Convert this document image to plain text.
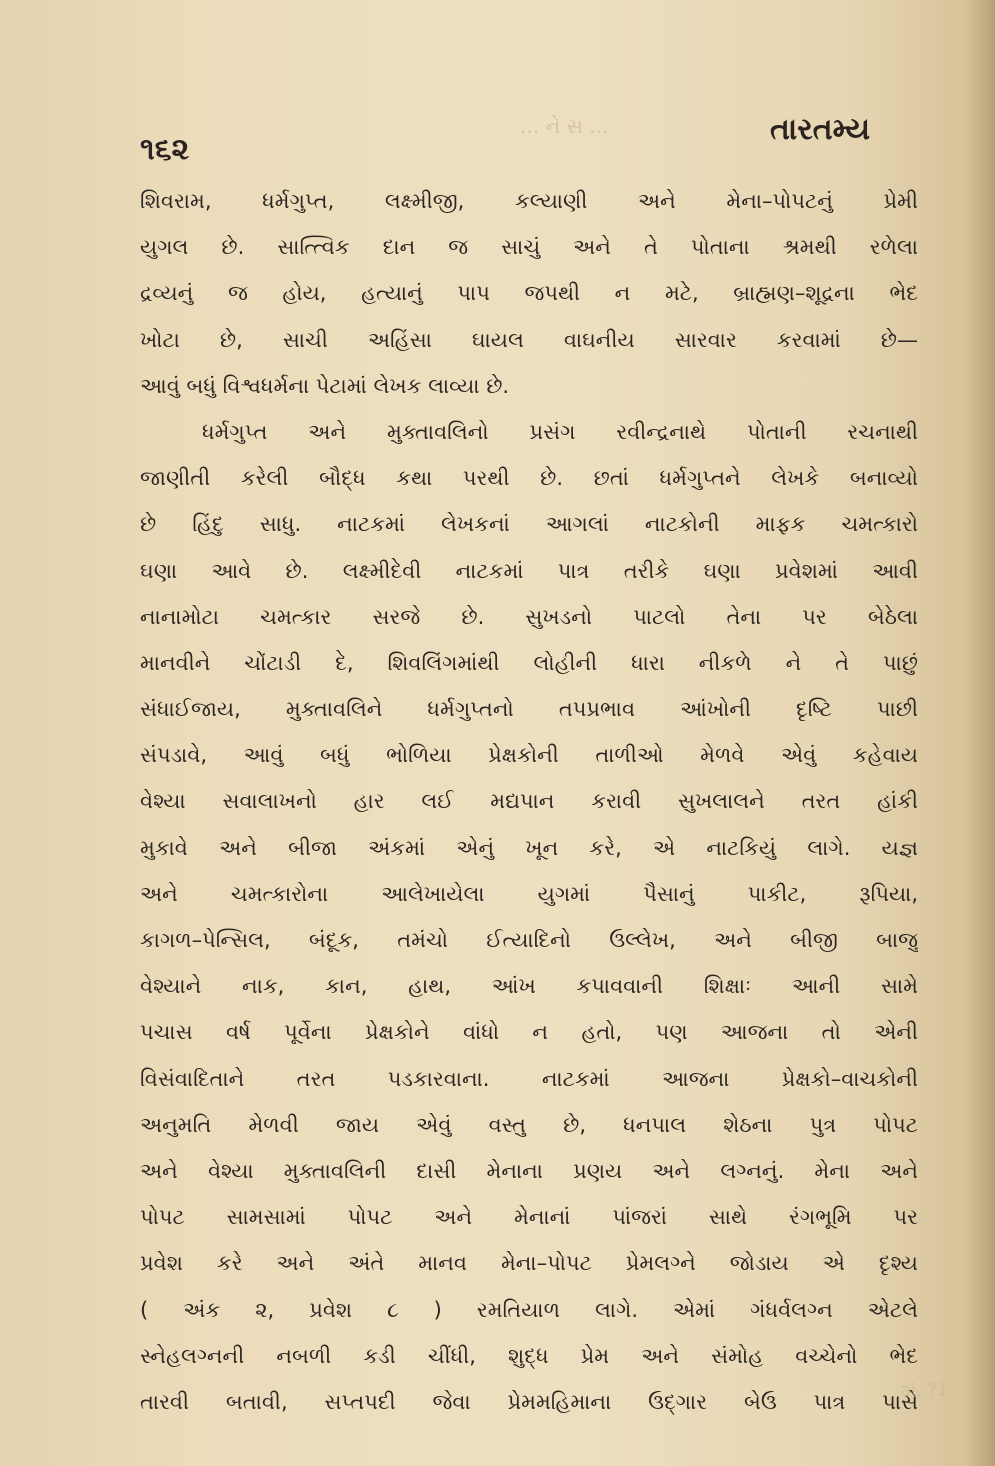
... ને સ ...
૧૬૨
તારતમ્ય
શિવરામ, ધર્મગુપ્ત, લક્ષ્મીજી, કલ્યાણી અને મેના–પોપટનું પ્રેમી
યુગલ છે. સાત્ત્વિક દાન જ સાચું અને તે પોતાના શ્રમથી રળેલા
દ્રવ્યનું જ હોય, હત્યાનું પાપ જપથી ન મટે, બ્રાહ્મણ–શૂદ્રના ભેદ
ખોટા છે, સાચી અહિંસા ઘાયલ વાઘનીય સારવાર કરવામાં છે—
આવું બધું વિશ્વધર્મના પેટામાં લેખક લાવ્યા છે.
ધર્મગુપ્ત અને મુક્તાવલિનો પ્રસંગ રવીન્દ્રનાથે પોતાની રચનાથી
જાણીતી કરેલી બૌદ્ધ કથા પરથી છે. છતાં ધર્મગુપ્તને લેખકે બનાવ્યો
છે હિંદુ સાધુ. નાટકમાં લેખકનાં આગલાં નાટકોની માફક ચમત્કારો
ઘણા આવે છે. લક્ષ્મીદેવી નાટકમાં પાત્ર તરીકે ઘણા પ્રવેશમાં આવી
નાનામોટા ચમત્કાર સરજે છે. સુખડનો પાટલો તેના પર બેઠેલા
માનવીને ચોંટાડી દે, શિવલિંગમાંથી લોહીની ધારા નીકળે ને તે પાછું
સંધાઈજાય, મુક્તાવલિને ધર્મગુપ્તનો તપપ્રભાવ આંખોની દૃષ્ટિ પાછી
સંપડાવે, આવું બધું ભોળિયા પ્રેક્ષકોની તાળીઓ મેળવે એવું કહેવાય
વેશ્યા સવાલાખનો હાર લઈ મદ્યપાન કરાવી સુખલાલને તરત હાંકી
મુકાવે અને બીજા અંકમાં એનું ખૂન કરે, એ નાટકિયું લાગે. યજ્ઞ
અને ચમત્કારોના આલેખાયેલા યુગમાં પૈસાનું પાકીટ, રૂપિયા,
કાગળ–પેન્સિલ, બંદૂક, તમંચો ઈત્યાદિનો ઉલ્લેખ, અને બીજી બાજુ
વેશ્યાને નાક, કાન, હાથ, આંખ કપાવવાની શિક્ષાઃ આની સામે
પચાસ વર્ષ પૂર્વેના પ્રેક્ષકોને વાંધો ન હતો, પણ આજના તો એની
વિસંવાદિતાને તરત પડકારવાના. નાટકમાં આજના પ્રેક્ષકો–વાચકોની
અનુમતિ મેળવી જાય એવું વસ્તુ છે, ધનપાલ શેઠના પુત્ર પોપટ
અને વેશ્યા મુક્તાવલિની દાસી મેનાના પ્રણય અને લગ્નનું. મેના અને
પોપટ સામસામાં પોપટ અને મેનાનાં પાંજરાં સાથે રંગભૂમિ પર
પ્રવેશ કરે અને અંતે માનવ મેના–પોપટ પ્રેમલગ્ને જોડાય એ દૃશ્ય
( અંક ૨, પ્રવેશ ૮ ) રમતિયાળ લાગે. એમાં ગંધર્વલગ્ન એટલે
સ્નેહલગ્નની નબળી કડી ચીંધી, શુદ્ધ પ્રેમ અને સંમોહ વચ્ચેનો ભેદ
તારવી બતાવી, સપ્તપદી જેવા પ્રેમમહિમાના ઉદ્ગાર બેઉ પાત્ર પાસે
ai. ?1
